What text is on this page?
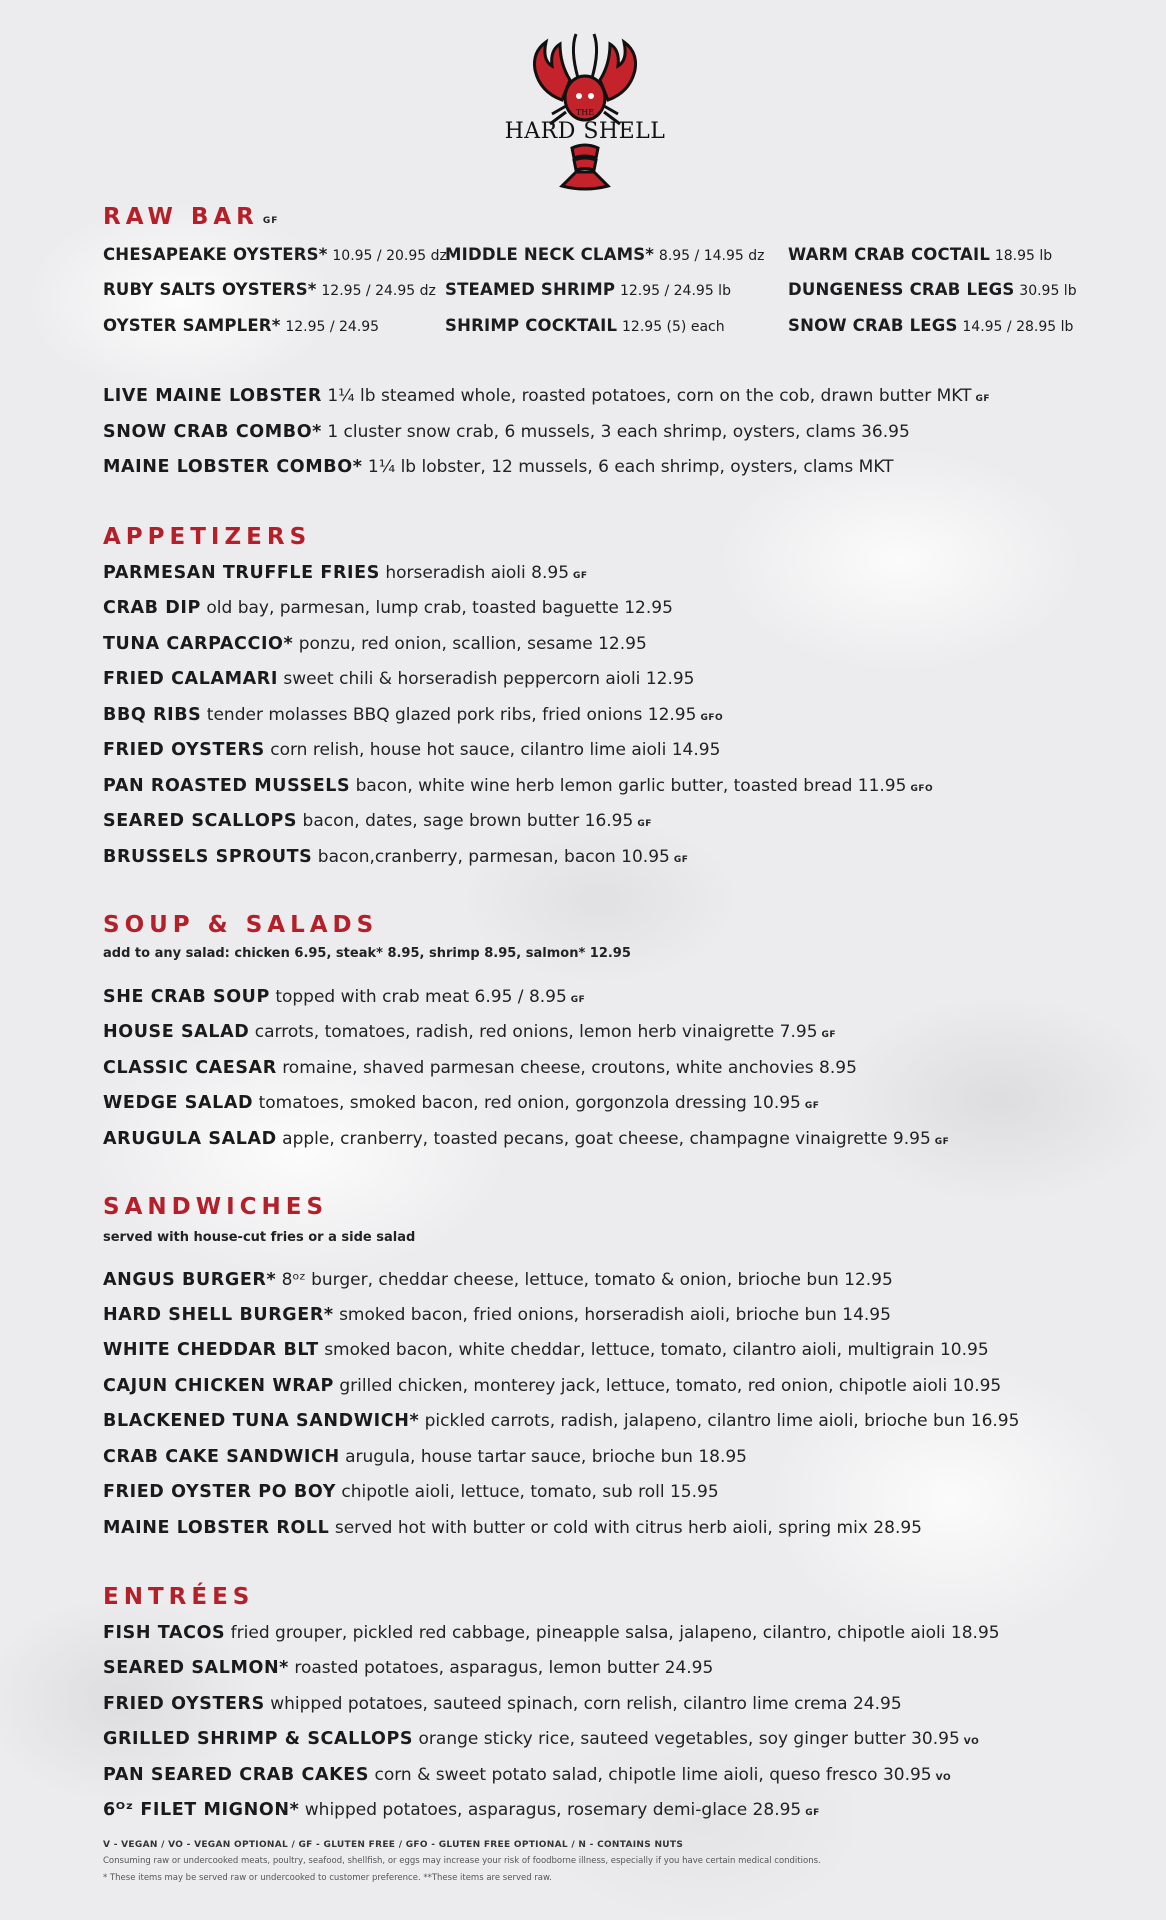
THE
HARD SHELL
RAW BAR GF
CHESAPEAKE OYSTERS* 10.95 / 20.95 dz
RUBY SALTS OYSTERS* 12.95 / 24.95 dz
OYSTER SAMPLER* 12.95 / 24.95
MIDDLE NECK CLAMS* 8.95 / 14.95 dz
STEAMED SHRIMP 12.95 / 24.95 lb
SHRIMP COCKTAIL 12.95 (5) each
WARM CRAB COCTAIL 18.95 lb
DUNGENESS CRAB LEGS 30.95 lb
SNOW CRAB LEGS 14.95 / 28.95 lb
LIVE MAINE LOBSTER 1¼ lb steamed whole, roasted potatoes, corn on the cob, drawn butter MKT GF
SNOW CRAB COMBO* 1 cluster snow crab, 6 mussels, 3 each shrimp, oysters, clams 36.95
MAINE LOBSTER COMBO* 1¼ lb lobster, 12 mussels, 6 each shrimp, oysters, clams MKT
APPETIZERS
PARMESAN TRUFFLE FRIES horseradish aioli 8.95 GF
CRAB DIP old bay, parmesan, lump crab, toasted baguette 12.95
TUNA CARPACCIO* ponzu, red onion, scallion, sesame 12.95
FRIED CALAMARI sweet chili & horseradish peppercorn aioli 12.95
BBQ RIBS tender molasses BBQ glazed pork ribs, fried onions 12.95 GFO
FRIED OYSTERS corn relish, house hot sauce, cilantro lime aioli 14.95
PAN ROASTED MUSSELS bacon, white wine herb lemon garlic butter, toasted bread 11.95 GFO
SEARED SCALLOPS bacon, dates, sage brown butter 16.95 GF
BRUSSELS SPROUTS bacon,cranberry, parmesan, bacon 10.95 GF
SOUP & SALADS
add to any salad: chicken 6.95, steak* 8.95, shrimp 8.95, salmon* 12.95
SHE CRAB SOUP topped with crab meat 6.95 / 8.95 GF
HOUSE SALAD carrots, tomatoes, radish, red onions, lemon herb vinaigrette 7.95 GF
CLASSIC CAESAR romaine, shaved parmesan cheese, croutons, white anchovies 8.95
WEDGE SALAD tomatoes, smoked bacon, red onion, gorgonzola dressing 10.95 GF
ARUGULA SALAD apple, cranberry, toasted pecans, goat cheese, champagne vinaigrette 9.95 GF
SANDWICHES
served with house-cut fries or a side salad
ANGUS BURGER* 8ᵒᶻ burger, cheddar cheese, lettuce, tomato & onion, brioche bun 12.95
HARD SHELL BURGER* smoked bacon, fried onions, horseradish aioli, brioche bun 14.95
WHITE CHEDDAR BLT smoked bacon, white cheddar, lettuce, tomato, cilantro aioli, multigrain 10.95
CAJUN CHICKEN WRAP grilled chicken, monterey jack, lettuce, tomato, red onion, chipotle aioli 10.95
BLACKENED TUNA SANDWICH* pickled carrots, radish, jalapeno, cilantro lime aioli, brioche bun 16.95
CRAB CAKE SANDWICH arugula, house tartar sauce, brioche bun 18.95
FRIED OYSTER PO BOY chipotle aioli, lettuce, tomato, sub roll 15.95
MAINE LOBSTER ROLL served hot with butter or cold with citrus herb aioli, spring mix 28.95
ENTRÉES
FISH TACOS fried grouper, pickled red cabbage, pineapple salsa, jalapeno, cilantro, chipotle aioli 18.95
SEARED SALMON* roasted potatoes, asparagus, lemon butter 24.95
FRIED OYSTERS whipped potatoes, sauteed spinach, corn relish, cilantro lime crema 24.95
GRILLED SHRIMP & SCALLOPS orange sticky rice, sauteed vegetables, soy ginger butter 30.95 VO
PAN SEARED CRAB CAKES corn & sweet potato salad, chipotle lime aioli, queso fresco 30.95 VO
6ᴼᶻ FILET MIGNON* whipped potatoes, asparagus, rosemary demi-glace 28.95 GF
V - VEGAN / VO - VEGAN OPTIONAL / GF - GLUTEN FREE / GFO - GLUTEN FREE OPTIONAL / N - CONTAINS NUTS
Consuming raw or undercooked meats, poultry, seafood, shellfish, or eggs may increase your risk of foodborne illness, especially if you have certain medical conditions.
* These items may be served raw or undercooked to customer preference. **These items are served raw.
